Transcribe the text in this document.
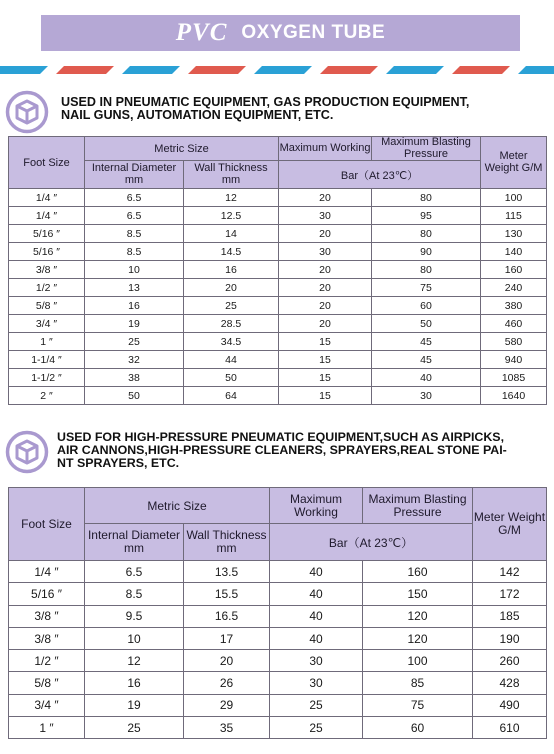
PVC OXYGEN TUBE
USED IN PNEUMATIC EQUIPMENT, GAS PRODUCTION EQUIPMENT,
NAIL GUNS, AUTOMATION EQUIPMENT, ETC.
Foot Size	Metric Size		Maximum Working	Maximum Blasting Pressure	Meter Weight G/M
	Internal Diameter mm	Wall Thickness mm	Bar（At 23℃）		
1/4 ″	6.5	12	20	80	100
1/4 ″	6.5	12.5	30	95	115
5/16 ″	8.5	14	20	80	130
5/16 ″	8.5	14.5	30	90	140
3/8 ″	10	16	20	80	160
1/2 ″	13	20	20	75	240
5/8 ″	16	25	20	60	380
3/4 ″	19	28.5	20	50	460
1 ″	25	34.5	15	45	580
1-1/4 ″	32	44	15	45	940
1-1/2 ″	38	50	15	40	1085
2 ″	50	64	15	30	1640
USED FOR HIGH-PRESSURE PNEUMATIC EQUIPMENT,SUCH AS AIRPICKS,
AIR CANNONS,HIGH-PRESSURE CLEANERS, SPRAYERS,REAL STONE PAI-
NT SPRAYERS, ETC.
Foot Size	Metric Size		Maximum Working	Maximum Blasting Pressure	Meter Weight G/M
	Internal Diameter mm	Wall Thickness mm	Bar（At 23℃）		
1/4 ″	6.5	13.5	40	160	142
5/16 ″	8.5	15.5	40	150	172
3/8 ″	9.5	16.5	40	120	185
3/8 ″	10	17	40	120	190
1/2 ″	12	20	30	100	260
5/8 ″	16	26	30	85	428
3/4 ″	19	29	25	75	490
1 ″	25	35	25	60	610
